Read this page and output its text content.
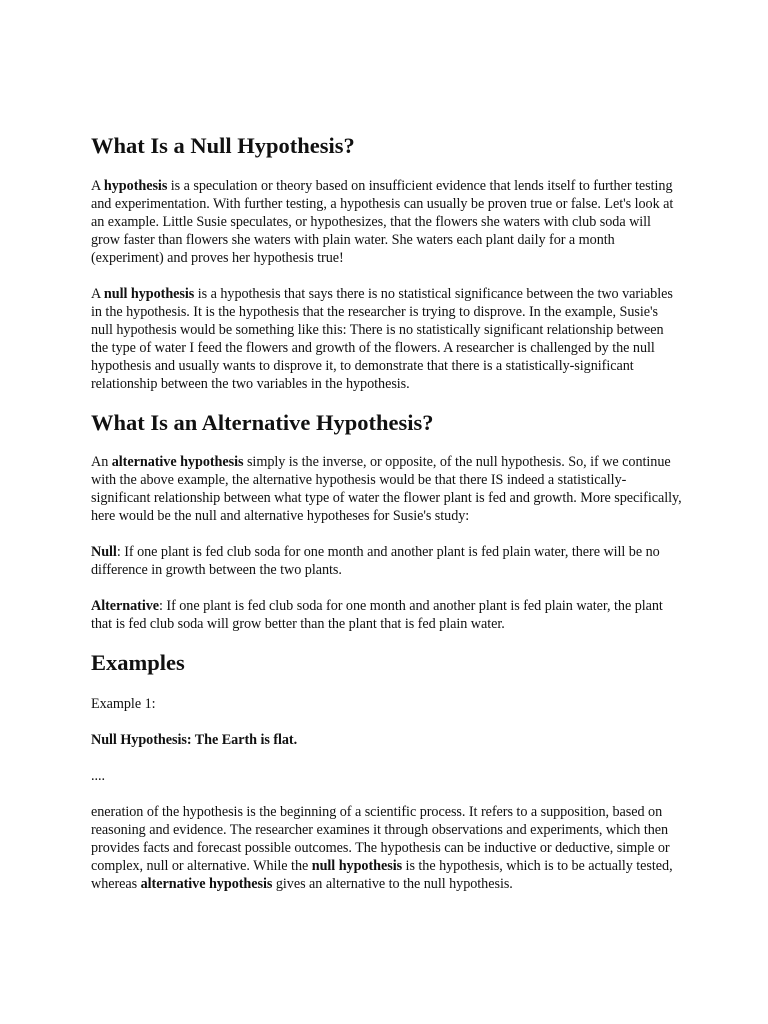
What Is a Null Hypothesis?

A hypothesis is a speculation or theory based on insufficient evidence that lends itself to further testing and experimentation. With further testing, a hypothesis can usually be proven true or false. Let's look at an example. Little Susie speculates, or hypothesizes, that the flowers she waters with club soda will grow faster than flowers she waters with plain water. She waters each plant daily for a month (experiment) and proves her hypothesis true!

A null hypothesis is a hypothesis that says there is no statistical significance between the two variables in the hypothesis. It is the hypothesis that the researcher is trying to disprove. In the example, Susie's null hypothesis would be something like this: There is no statistically significant relationship between the type of water I feed the flowers and growth of the flowers. A researcher is challenged by the null hypothesis and usually wants to disprove it, to demonstrate that there is a statistically-significant relationship between the two variables in the hypothesis.

What Is an Alternative Hypothesis?

An alternative hypothesis simply is the inverse, or opposite, of the null hypothesis. So, if we continue with the above example, the alternative hypothesis would be that there IS indeed a statistically-significant relationship between what type of water the flower plant is fed and growth. More specifically, here would be the null and alternative hypotheses for Susie's study:

Null: If one plant is fed club soda for one month and another plant is fed plain water, there will be no difference in growth between the two plants.

Alternative: If one plant is fed club soda for one month and another plant is fed plain water, the plant that is fed club soda will grow better than the plant that is fed plain water.

Examples

Example 1:

Null Hypothesis: The Earth is flat.

....

eneration of the hypothesis is the beginning of a scientific process. It refers to a supposition, based on reasoning and evidence. The researcher examines it through observations and experiments, which then provides facts and forecast possible outcomes. The hypothesis can be inductive or deductive, simple or complex, null or alternative. While the null hypothesis is the hypothesis, which is to be actually tested, whereas alternative hypothesis gives an alternative to the null hypothesis.
